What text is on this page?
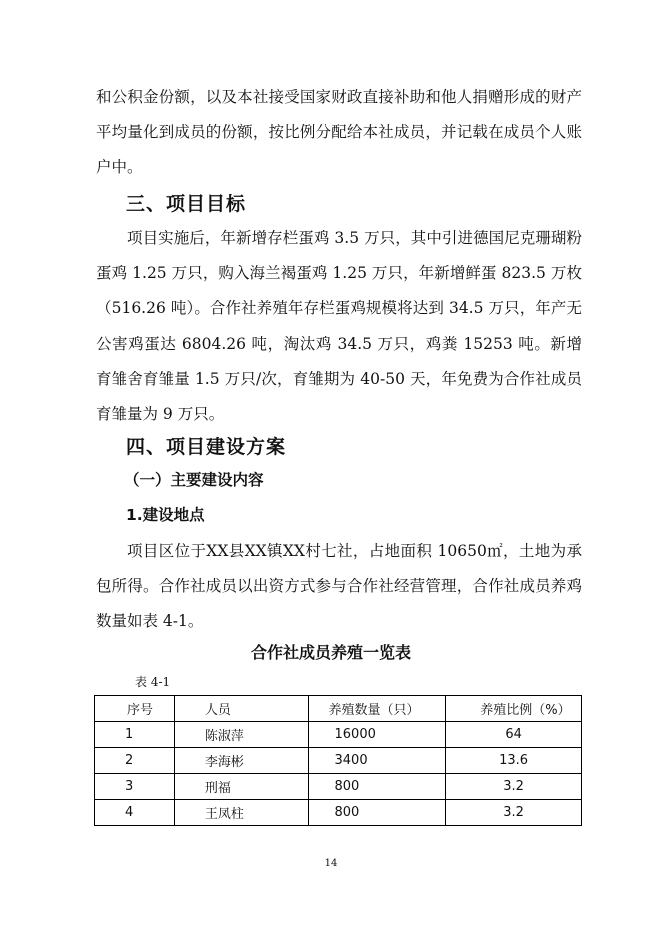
和公积金份额，以及本社接受国家财政直接补助和他人捐赠形成的财产平均量化到成员的份额，按比例分配给本社成员，并记载在成员个人账户中。

三、项目目标

项目实施后，年新增存栏蛋鸡 3.5 万只，其中引进德国尼克珊瑚粉蛋鸡 1.25 万只，购入海兰褐蛋鸡 1.25 万只，年新增鲜蛋 823.5 万枚（516.26 吨）。合作社养殖年存栏蛋鸡规模将达到 34.5 万只，年产无公害鸡蛋达 6804.26 吨，淘汰鸡 34.5 万只，鸡粪 15253 吨。新增育雏舍育雏量 1.5 万只/次，育雏期为 40-50 天，年免费为合作社成员育雏量为 9 万只。

四、项目建设方案
（一）主要建设内容
1.建设地点

项目区位于XX县XX镇XX村七社，占地面积 10650㎡，土地为承包所得。合作社成员以出资方式参与合作社经营管理，合作社成员养鸡数量如表 4-1。

合作社成员养殖一览表
表 4-1
序号	人员	养殖数量（只）	养殖比例（%）
1	陈淑萍	16000	64
2	李海彬	3400	13.6
3	刑福	800	3.2
4	王凤柱	800	3.2
14
